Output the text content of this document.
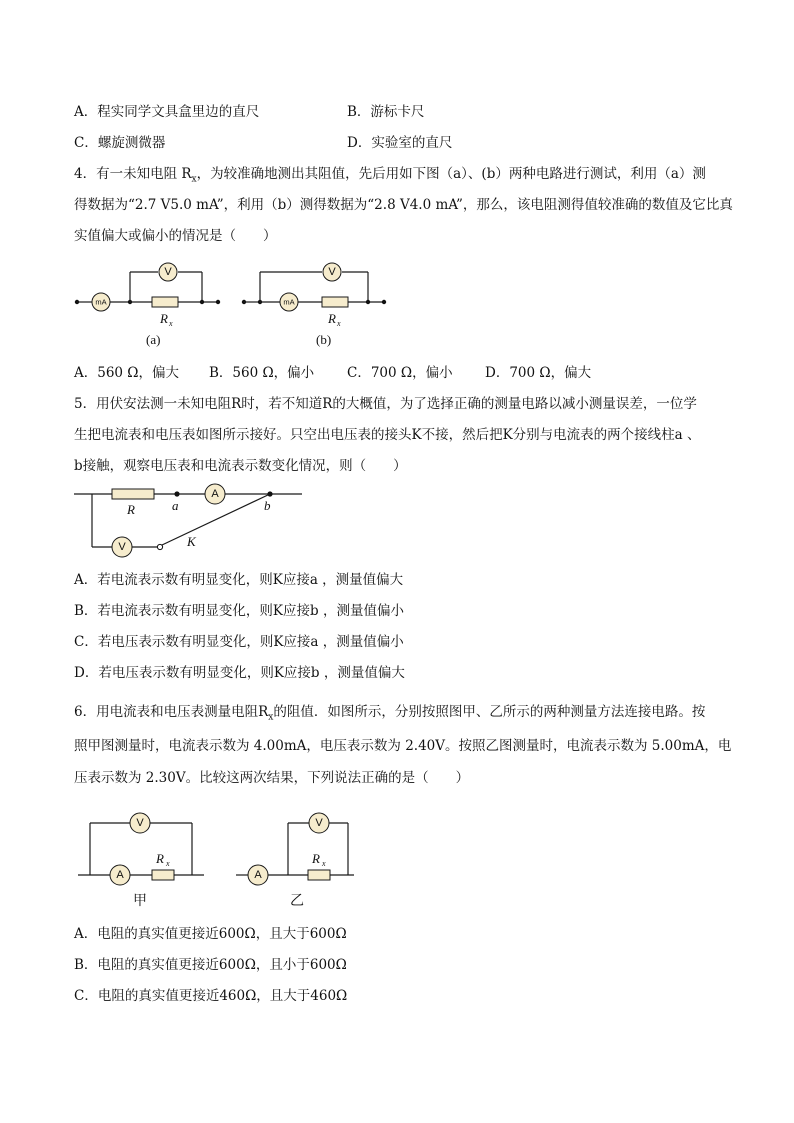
A．程实同学文具盒里边的直尺	B．游标卡尺
C．螺旋测微器	D．实验室的直尺
4．有一未知电阻 $R_x$，为较准确地测出其阻值，先后用如下图（a）、(b）两种电路进行测试，利用（a）测
得数据为“2.7 V5.0 mA”，利用（b）测得数据为“2.8 V4.0 mA”，那么，该电阻测得值较准确的数值及它比真
实值偏大或偏小的情况是（　　）
mA
V
R x
(a)
V
mA
R x
(b)
A．560 Ω，偏大 B．560 Ω，偏小 C．700 Ω，偏小 D．700 Ω，偏大
5．用伏安法测一未知电阻R时，若不知道R的大概值，为了选择正确的测量电路以减小测量误差，一位学
生把电流表和电压表如图所示接好。只空出电压表的接头K不接，然后把K分别与电流表的两个接线柱a 、
b接触，观察电压表和电流表示数变化情况，则（　　）
A
V
R	a	b
K
A．若电流表示数有明显变化，则K应接a ，测量值偏大
B．若电流表示数有明显变化，则K应接b ，测量值偏小
C．若电压表示数有明显变化，则K应接a ，测量值偏小
D．若电压表示数有明显变化，则K应接b ，测量值偏大
6．用电流表和电压表测量电阻$R_x$的阻值．如图所示，分别按照图甲、乙所示的两种测量方法连接电路。按
照甲图测量时，电流表示数为 4.00mA，电压表示数为 2.40V。按照乙图测量时，电流表示数为 5.00mA，电
压表示数为 2.30V。比较这两次结果，下列说法正确的是（　　）
A
V
R x
甲
A
V
R x
乙
A．电阻的真实值更接近600Ω，且大于600Ω
B．电阻的真实值更接近600Ω，且小于600Ω
C．电阻的真实值更接近460Ω，且大于460Ω
